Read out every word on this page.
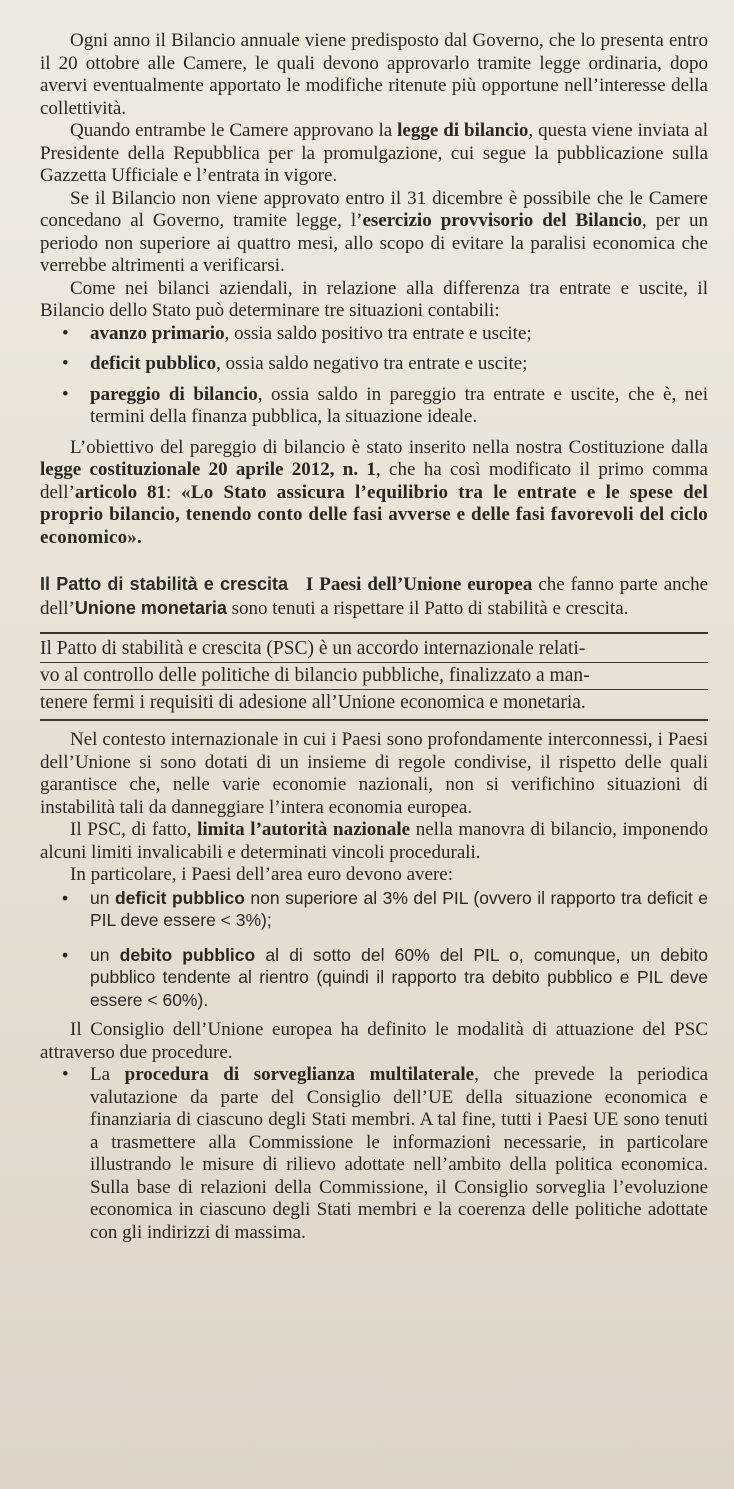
Ogni anno il Bilancio annuale viene predisposto dal Governo, che lo presenta entro il 20 ottobre alle Camere, le quali devono approvarlo tramite legge ordinaria, dopo avervi eventualmente apportato le modifiche ritenute più opportune nell’interesse della collettività.

Quando entrambe le Camere approvano la legge di bilancio, questa viene inviata al Presidente della Repubblica per la promulgazione, cui segue la pubblicazione sulla Gazzetta Ufficiale e l’entrata in vigore.

Se il Bilancio non viene approvato entro il 31 dicembre è possibile che le Camere concedano al Governo, tramite legge, l’esercizio provvisorio del Bilancio, per un periodo non superiore ai quattro mesi, allo scopo di evitare la paralisi economica che verrebbe altrimenti a verificarsi.

Come nei bilanci aziendali, in relazione alla differenza tra entrate e uscite, il Bilancio dello Stato può determinare tre situazioni contabili:

• avanzo primario, ossia saldo positivo tra entrate e uscite;
• deficit pubblico, ossia saldo negativo tra entrate e uscite;
• pareggio di bilancio, ossia saldo in pareggio tra entrate e uscite, che è, nei termini della finanza pubblica, la situazione ideale.

L’obiettivo del pareggio di bilancio è stato inserito nella nostra Costituzione dalla legge costituzionale 20 aprile 2012, n. 1, che ha così modificato il primo comma dell’articolo 81: «Lo Stato assicura l’equilibrio tra le entrate e le spese del proprio bilancio, tenendo conto delle fasi avverse e delle fasi favorevoli del ciclo economico».

Il Patto di stabilità e crescita I Paesi dell’Unione europea che fanno parte anche dell’Unione monetaria sono tenuti a rispettare il Patto di stabilità e crescita.

Il Patto di stabilità e crescita (PSC) è un accordo internazionale relati-
vo al controllo delle politiche di bilancio pubbliche, finalizzato a man-
tenere fermi i requisiti di adesione all’Unione economica e monetaria.

Nel contesto internazionale in cui i Paesi sono profondamente interconnessi, i Paesi dell’Unione si sono dotati di un insieme di regole condivise, il rispetto delle quali garantisce che, nelle varie economie nazionali, non si verifichino situazioni di instabilità tali da danneggiare l’intera economia europea.

Il PSC, di fatto, limita l’autorità nazionale nella manovra di bilancio, imponendo alcuni limiti invalicabili e determinati vincoli procedurali.

In particolare, i Paesi dell’area euro devono avere:

• un deficit pubblico non superiore al 3% del PIL (ovvero il rapporto tra deficit e PIL deve essere < 3%);
• un debito pubblico al di sotto del 60% del PIL o, comunque, un debito pubblico tendente al rientro (quindi il rapporto tra debito pubblico e PIL deve essere < 60%).

Il Consiglio dell’Unione europea ha definito le modalità di attuazione del PSC attraverso due procedure.

• La procedura di sorveglianza multilaterale, che prevede la periodica valutazione da parte del Consiglio dell’UE della situazione economica e finanziaria di ciascuno degli Stati membri. A tal fine, tutti i Paesi UE sono tenuti a trasmettere alla Commissione le informazioni necessarie, in particolare illustrando le misure di rilievo adottate nell’ambito della politica economica. Sulla base di relazioni della Commissione, il Consiglio sorveglia l’evoluzione economica in ciascuno degli Stati membri e la coerenza delle politiche adottate con gli indirizzi di massima.
